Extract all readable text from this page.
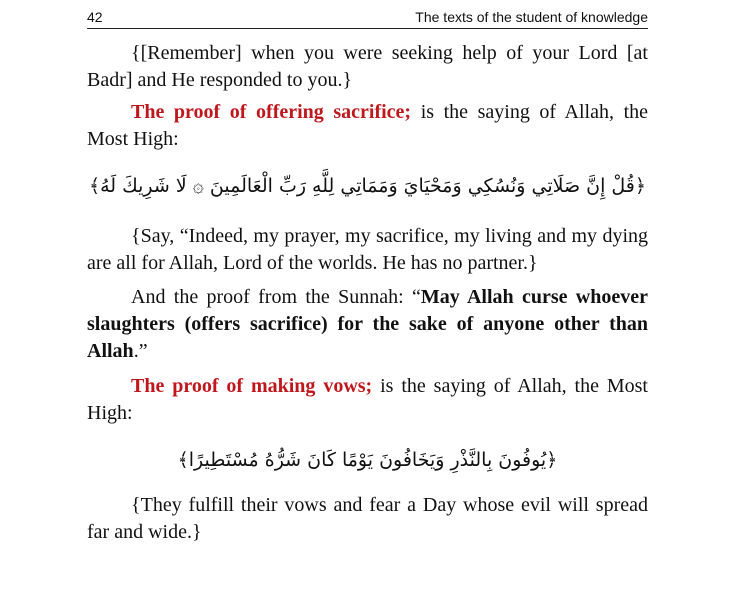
42	The texts of the student of knowledge

{[Remember] when you were seeking help of your Lord [at Badr] and He responded to you.}

The proof of offering sacrifice; is the saying of Allah, the Most High:

﴿قُلْ إِنَّ صَلَاتِي وَنُسُكِي وَمَحْيَايَ وَمَمَاتِي لِلَّهِ رَبِّ الْعَالَمِينَ ۞ لَا شَرِيكَ لَهُ﴾

{Say, “Indeed, my prayer, my sacrifice, my living and my dying are all for Allah, Lord of the worlds. He has no partner.}

And the proof from the Sunnah: “May Allah curse whoever slaughters (offers sacrifice) for the sake of anyone other than Allah.”

The proof of making vows; is the saying of Allah, the Most High:

﴿يُوفُونَ بِالنَّذْرِ وَيَخَافُونَ يَوْمًا كَانَ شَرُّهُ مُسْتَطِيرًا﴾

{They fulfill their vows and fear a Day whose evil will spread far and wide.}
